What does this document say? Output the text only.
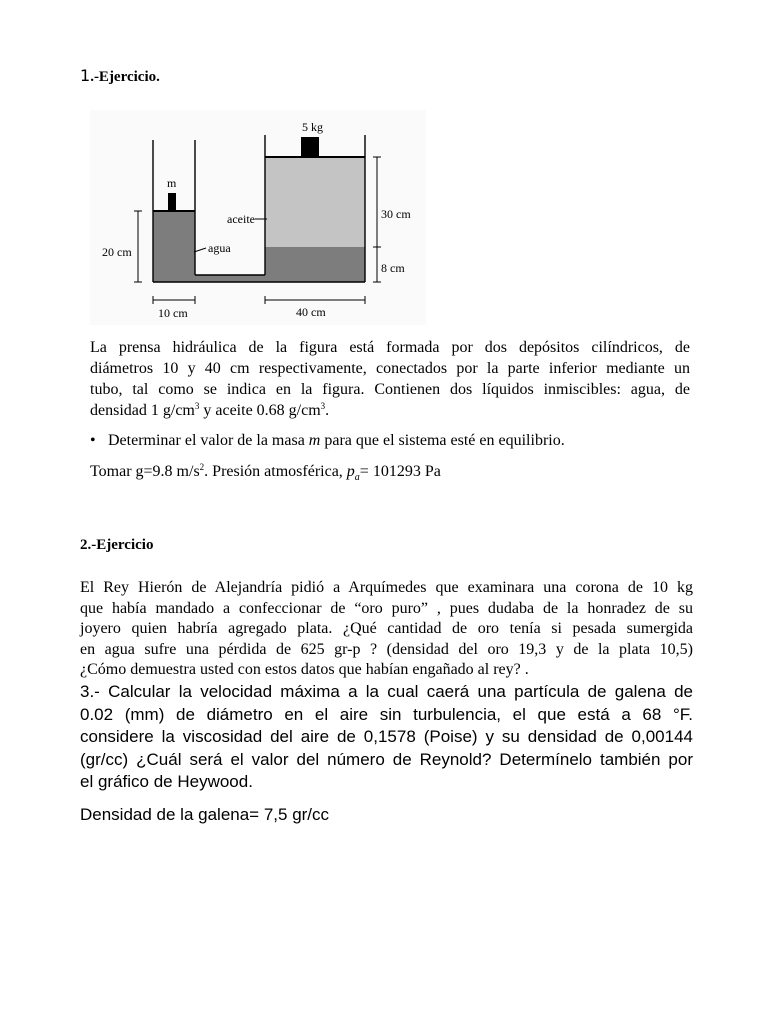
1.-Ejercicio.
5 kg
m
aceite
agua
20 cm
30 cm
8 cm
10 cm	40 cm
La prensa hidráulica de la figura está formada por dos depósitos cilíndricos, de
diámetros 10 y 40 cm respectivamente, conectados por la parte inferior mediante un
tubo, tal como se indica en la figura. Contienen dos líquidos inmiscibles: agua, de
densidad 1 $g/cm^3$ y aceite 0.68 $g/cm^3$.
• Determinar el valor de la masa m para que el sistema esté en equilibrio.
Tomar g=9.8 $m/s^2$. Presión atmosférica, $p_a= 101293$ Pa
2.-Ejercicio
El Rey Hierón de Alejandría pidió a Arquímedes que examinara una corona de 10 kg
que había mandado a confeccionar de “oro puro” , pues dudaba de la honradez de su
joyero quien habría agregado plata. ¿Qué cantidad de oro tenía si pesada sumergida
en agua sufre una pérdida de 625 gr-p ? (densidad del oro 19,3 y de la plata 10,5)
¿Cómo demuestra usted con estos datos que habían engañado al rey? .
3.- Calcular la velocidad máxima a la cual caerá una partícula de galena de
0.02 (mm) de diámetro en el aire sin turbulencia, el que está a 68 °F.
considere la viscosidad del aire de 0,1578 (Poise) y su densidad de 0,00144
(gr/cc) ¿Cuál será el valor del número de Reynold? Determínelo también por
el gráfico de Heywood.
Densidad de la galena= 7,5 gr/cc
